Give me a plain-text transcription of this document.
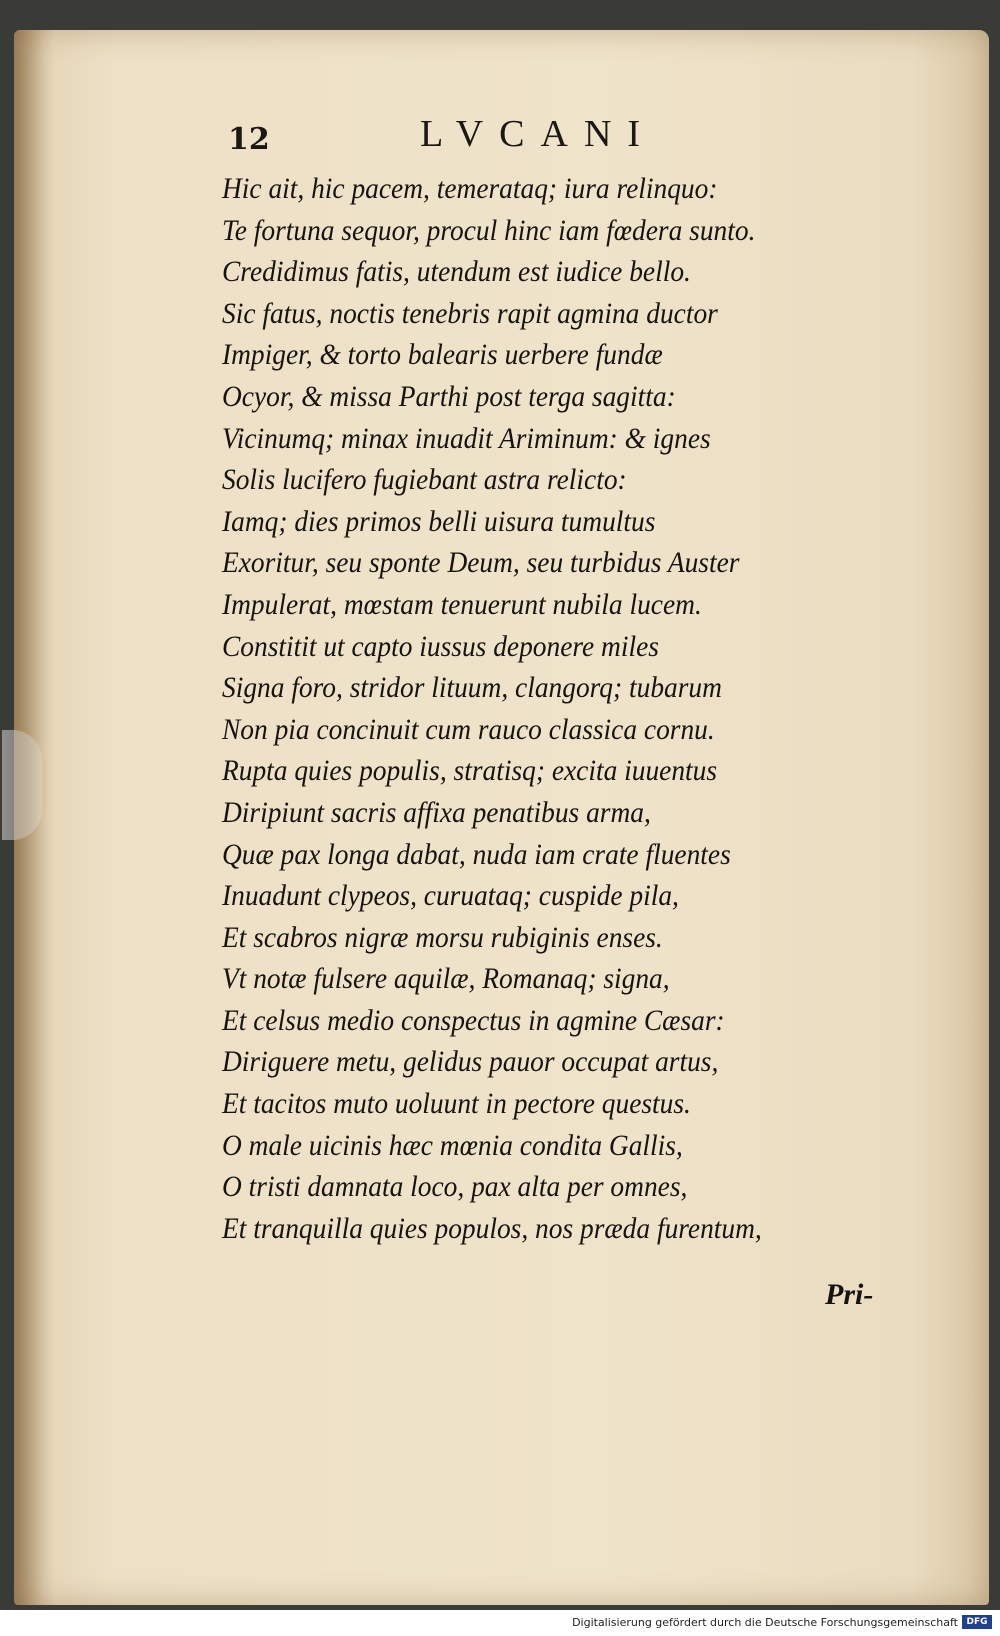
12	LVCANI
Hic ait, hic pacem, temerataq; iura relinquo:
Te fortuna sequor, procul hinc iam fœdera sunto.
Credidimus fatis, utendum est iudice bello.
Sic fatus, noctis tenebris rapit agmina ductor
Impiger, & torto balearis uerbere fundæ
Ocyor, & missa Parthi post terga sagitta:
Vicinumq; minax inuadit Ariminum: & ignes
Solis lucifero fugiebant astra relicto:
Iamq; dies primos belli uisura tumultus
Exoritur, seu sponte Deum, seu turbidus Auster
Impulerat, mœstam tenuerunt nubila lucem.
Constitit ut capto iussus deponere miles
Signa foro, stridor lituum, clangorq; tubarum
Non pia concinuit cum rauco classica cornu.
Rupta quies populis, stratisq; excita iuuentus
Diripiunt sacris affixa penatibus arma,
Quæ pax longa dabat, nuda iam crate fluentes
Inuadunt clypeos, curuataq; cuspide pila,
Et scabros nigræ morsu rubiginis enses.
Vt notæ fulsere aquilæ, Romanaq; signa,
Et celsus medio conspectus in agmine Cæsar:
Diriguere metu, gelidus pauor occupat artus,
Et tacitos muto uoluunt in pectore questus.
O male uicinis hæc mœnia condita Gallis,
O tristi damnata loco, pax alta per omnes,
Et tranquilla quies populos, nos præda furentum,
Pri-
Digitalisierung gefördert durch die Deutsche Forschungsgemeinschaft DFG
